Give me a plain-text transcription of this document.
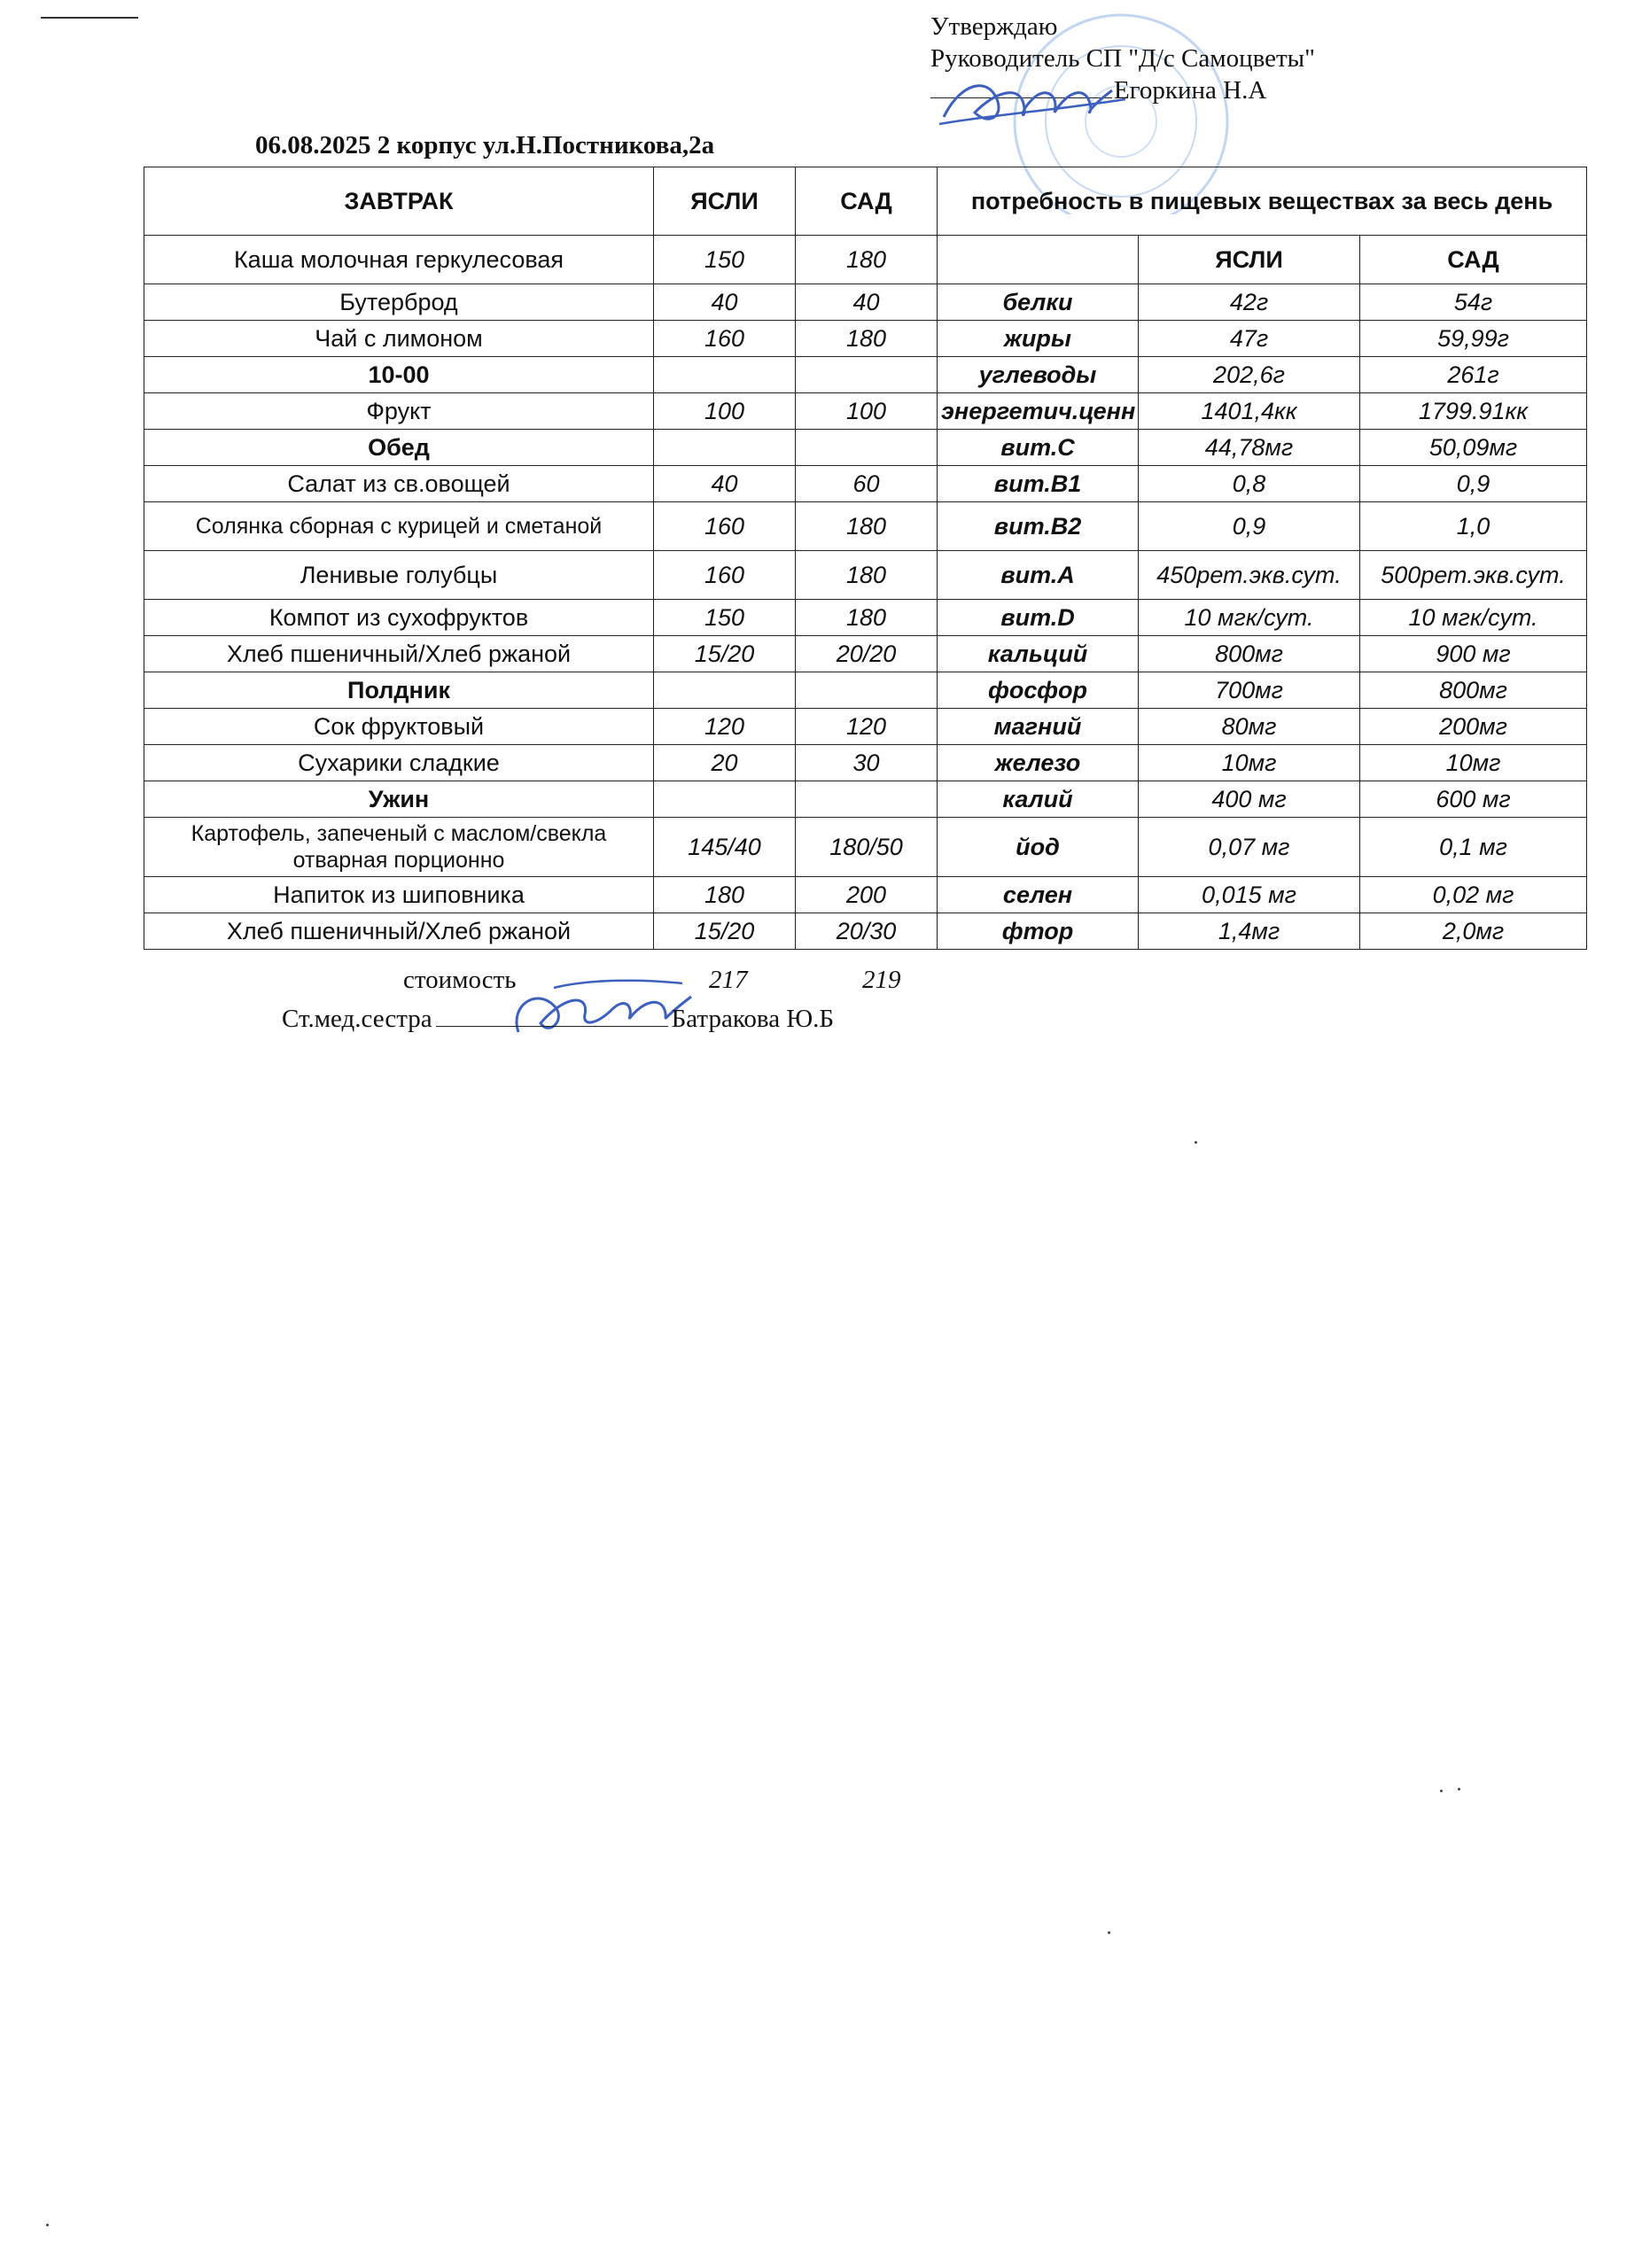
Утверждаю
Руководитель СП "Д/с Самоцветы"
Егоркина Н.А
06.08.2025 2 корпус ул.Н.Постникова,2а
ЗАВТРАК	ЯСЛИ	САД	потребность в пищевых веществах за весь день		
Каша молочная геркулесовая	150	180		ЯСЛИ	САД
Бутерброд	40	40	белки	42г	54г
Чай с лимоном	160	180	жиры	47г	59,99г
10-00			углеводы	202,6г	261г
Фрукт	100	100	энергетич.ценн	1401,4кк	1799.91кк
Обед			вит.С	44,78мг	50,09мг
Салат из св.овощей	40	60	вит.В1	0,8	0,9
Солянка сборная с курицей и сметаной	160	180	вит.В2	0,9	1,0
Ленивые голубцы	160	180	вит.А	450рет.экв.сут.	500рет.экв.сут.
Компот из сухофруктов	150	180	вит.D	10 мгк/сут.	10 мгк/сут.
Хлеб пшеничный/Хлеб ржаной	15/20	20/20	кальций	800мг	900 мг
Полдник			фосфор	700мг	800мг
Сок фруктовый	120	120	магний	80мг	200мг
Сухарики сладкие	20	30	железо	10мг	10мг
Ужин			калий	400 мг	600 мг
Картофель, запеченый с маслом/свекла отварная порционно	145/40	180/50	йод	0,07 мг	0,1 мг
Напиток из шиповника	180	200	селен	0,015 мг	0,02 мг
Хлеб пшеничный/Хлеб ржаной	15/20	20/30	фтор	1,4мг	2,0мг
стоимость	217	219
Ст.мед.сестра	Батракова Ю.Б
